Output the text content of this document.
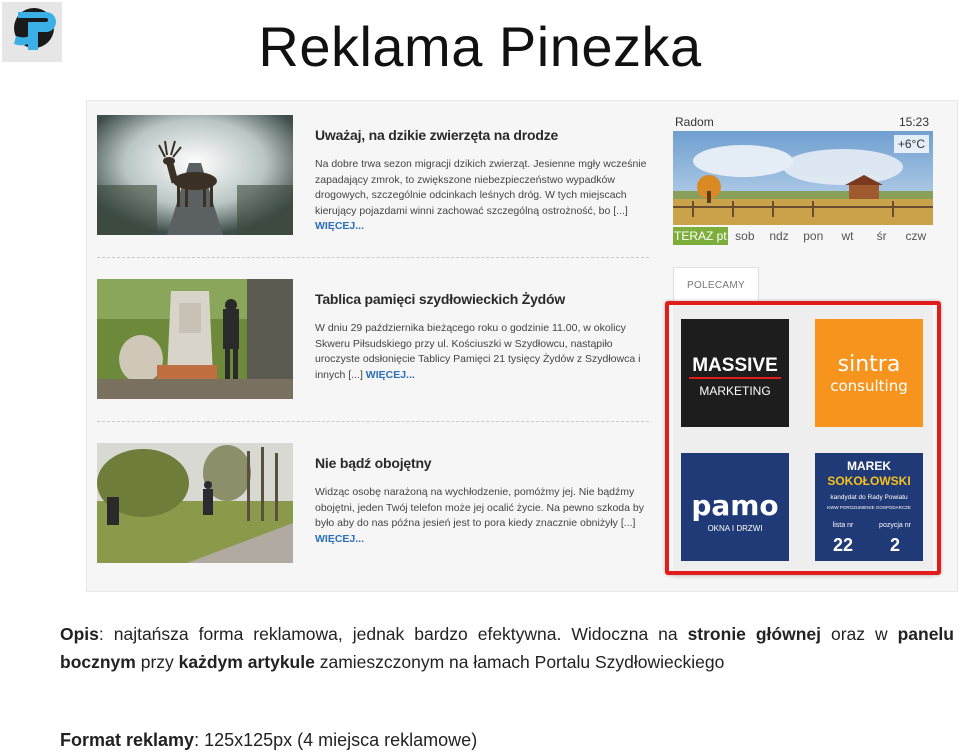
Reklama Pinezka
Uważaj, na dzikie zwierzęta na drodze
Na dobre trwa sezon migracji dzikich zwierząt. Jesienne mgły wcześnie zapadający zmrok, to zwiększone niebezpieczeństwo wypadków drogowych, szczególnie odcinkach leśnych dróg. W tych miejscach kierujący pojazdami winni zachować szczególną ostrożność, bo [...] WIĘCEJ...
Tablica pamięci szydłowieckich Żydów
W dniu 29 października bieżącego roku o godzinie 11.00, w okolicy Skweru Piłsudskiego przy ul. Kościuszki w Szydłowcu, nastąpiło uroczyste odsłonięcie Tablicy Pamięci 21 tysięcy Żydów z Szydłowca i innych [...] WIĘCEJ...
Nie bądź obojętny
Widząc osobę narażoną na wychłodzenie, pomóżmy jej. Nie bądźmy obojętni, jeden Twój telefon może jej ocalić życie. Na pewno szkoda by było aby do nas późna jesień jest to pora kiedy znacznie obniżyły [...] WIĘCEJ...
Radom	15:23
+6°C
TERAZ pt sob	ndz	pon	wt	śr	czw
POLECAMY
MASSIVE
MARKETING
sintra
consulting
pamo
OKNA I DRZWI
MAREK
SOKOŁOWSKI
kandydat do Rady Powiatu
KWW POROZUMIENIE GOSPODARCZE
lista nr	pozycja nr
22 2
Opis: najtańsza forma reklamowa, jednak bardzo efektywna. Widoczna na stronie głównej oraz w panelu bocznym przy każdym artykule zamieszczonym na łamach Portalu Szydłowieckiego
Format reklamy: 125x125px (4 miejsca reklamowe)
